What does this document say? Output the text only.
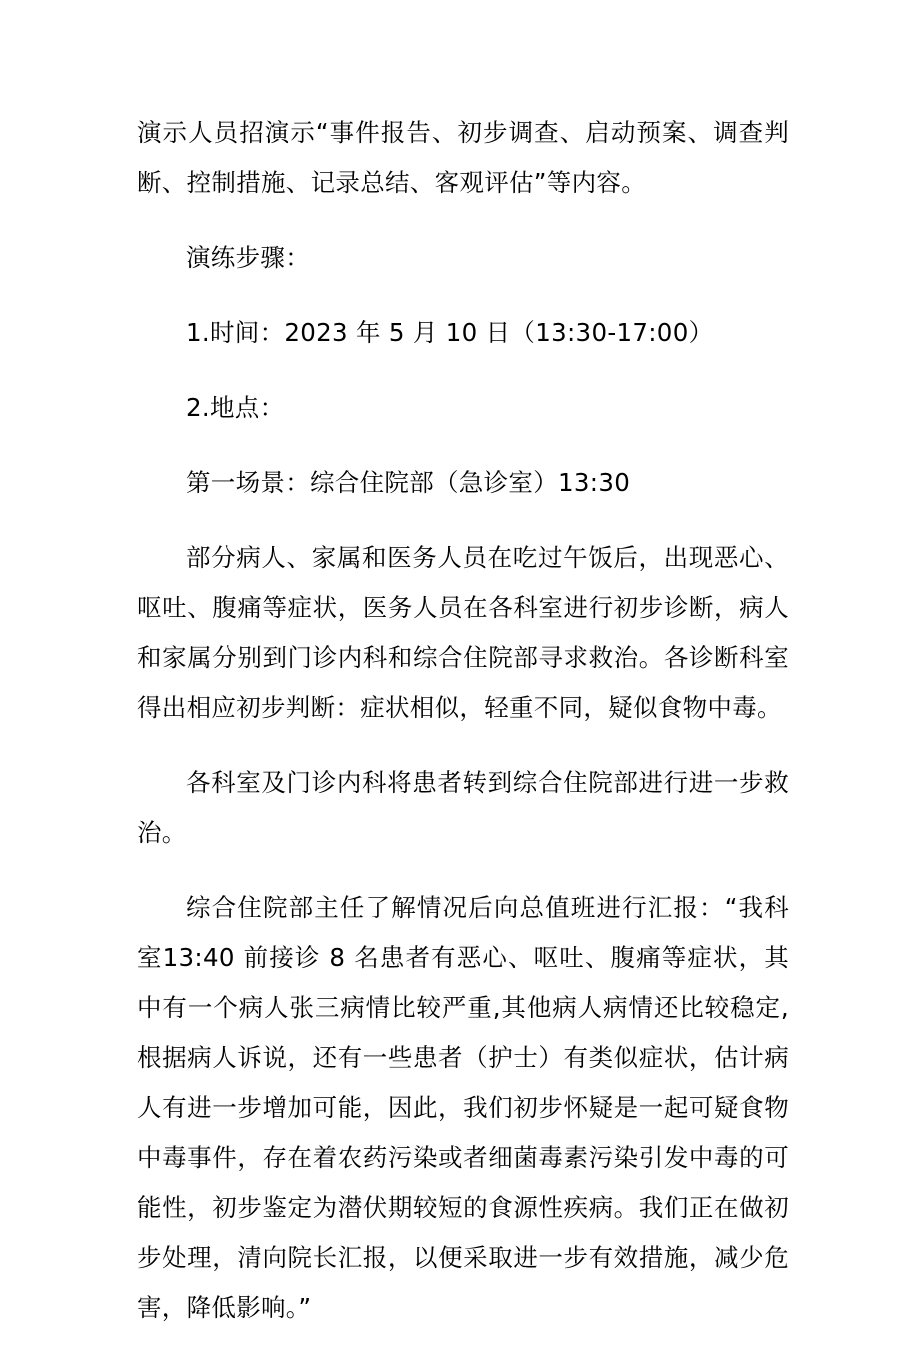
演示人员招演示“事件报告、初步调查、启动预案、调查判断、控制措施、记录总结、客观评估”等内容。

演练步骤：

1.时间：2023 年 5 月 10 日（13:30-17:00）

2.地点：

第一场景：综合住院部（急诊室）13:30

部分病人、家属和医务人员在吃过午饭后，出现恶心、呕吐、腹痛等症状，医务人员在各科室进行初步诊断，病人和家属分别到门诊内科和综合住院部寻求救治。各诊断科室得出相应初步判断：症状相似，轻重不同，疑似食物中毒。

各科室及门诊内科将患者转到综合住院部进行进一步救治。

综合住院部主任了解情况后向总值班进行汇报：“我科室13:40 前接诊 8 名患者有恶心、呕吐、腹痛等症状，其中有一个病人张三病情比较严重,其他病人病情还比较稳定,根据病人诉说，还有一些患者（护士）有类似症状，估计病人有进一步增加可能，因此，我们初步怀疑是一起可疑食物中毒事件，存在着农药污染或者细菌毒素污染引发中毒的可能性，初步鉴定为潜伏期较短的食源性疾病。我们正在做初步处理，清向院长汇报，以便采取进一步有效措施，减少危害，降低影响。”
